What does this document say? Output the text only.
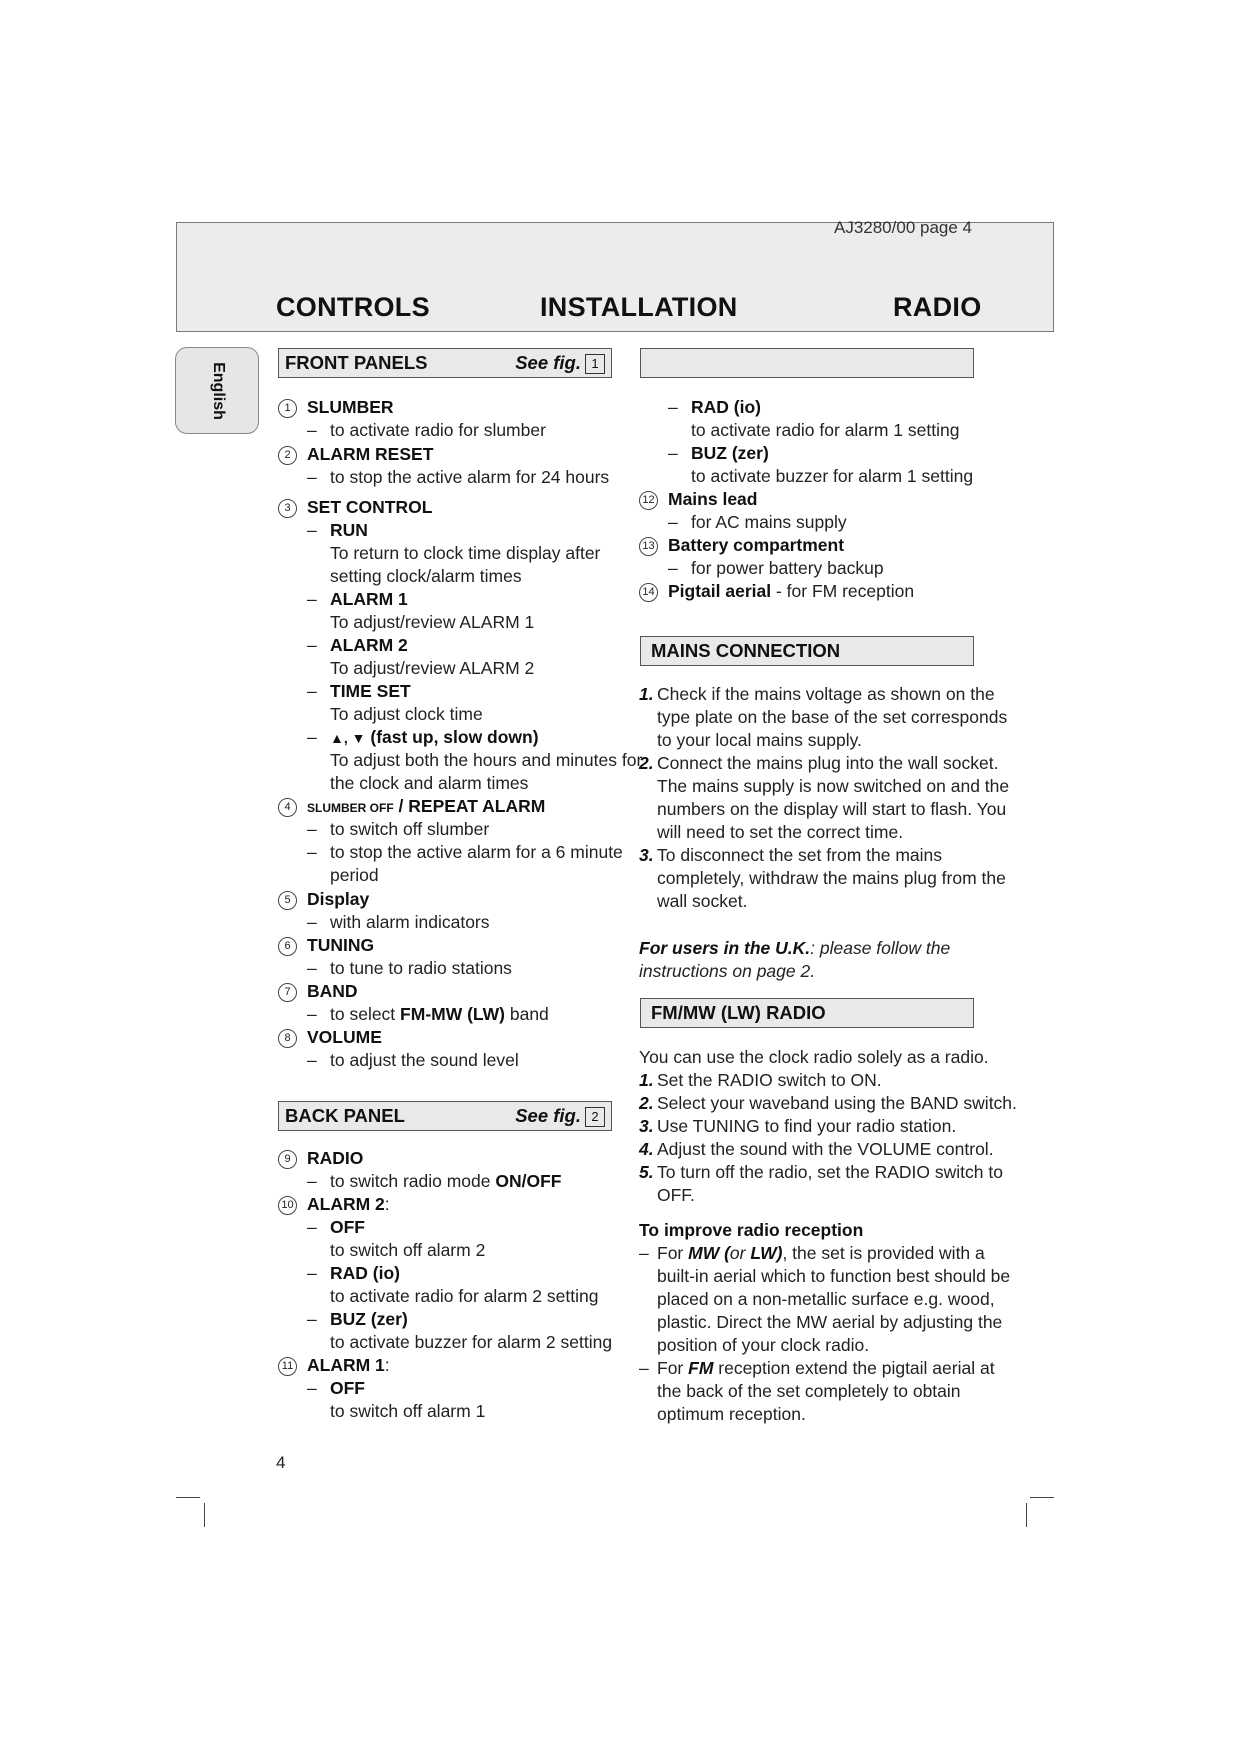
AJ3280/00 page 4
CONTROLS	INSTALLATION	RADIO
English	FRONT PANELS	See fig. 1
1 SLUMBER
– to activate radio for slumber
2 ALARM RESET
– to stop the active alarm for 24 hours
3 SET CONTROL
– RUN
To return to clock time display after
setting clock/alarm times
– ALARM 1
To adjust/review ALARM 1
– ALARM 2
To adjust/review ALARM 2
– TIME SET
To adjust clock time
– ▲, ▼ (fast up, slow down)
To adjust both the hours and minutes for
the clock and alarm times
4	SLUMBER OFF / REPEAT ALARM
– to switch off slumber
– to stop the active alarm for a 6 minute
period
5 Display
– with alarm indicators
6 TUNING
– to tune to radio stations
7 BAND
– to select FM-MW (LW) band
8 VOLUME
– to adjust the sound level
BACK PANEL	See fig. 2
9 RADIO
– to switch radio mode ON/OFF
10 ALARM 2:
– OFF
to switch off alarm 2
– RAD (io)
to activate radio for alarm 2 setting
– BUZ (zer)
to activate buzzer for alarm 2 setting
11 ALARM 1:
– OFF
to switch off alarm 1
– RAD (io)
to activate radio for alarm 1 setting
– BUZ (zer)
to activate buzzer for alarm 1 setting
12 Mains lead
– for AC mains supply
13 Battery compartment
– for power battery backup
14 Pigtail aerial - for FM reception
MAINS CONNECTION
1. Check if the mains voltage as shown on the
type plate on the base of the set corresponds
to your local mains supply.
2. Connect the mains plug into the wall socket.
The mains supply is now switched on and the
numbers on the display will start to flash. You
will need to set the correct time.
3. To disconnect the set from the mains
completely, withdraw the mains plug from the
wall socket.
For users in the U.K.: please follow the
instructions on page 2.
FM/MW (LW) RADIO
You can use the clock radio solely as a radio.
1. Set the RADIO switch to ON.
2. Select your waveband using the BAND switch.
3. Use TUNING to find your radio station.
4. Adjust the sound with the VOLUME control.
5. To turn off the radio, set the RADIO switch to
OFF.
To improve radio reception
– For MW (or LW), the set is provided with a
built-in aerial which to function best should be
placed on a non-metallic surface e.g. wood,
plastic. Direct the MW aerial by adjusting the
position of your clock radio.
– For FM reception extend the pigtail aerial at
the back of the set completely to obtain
optimum reception.
4
